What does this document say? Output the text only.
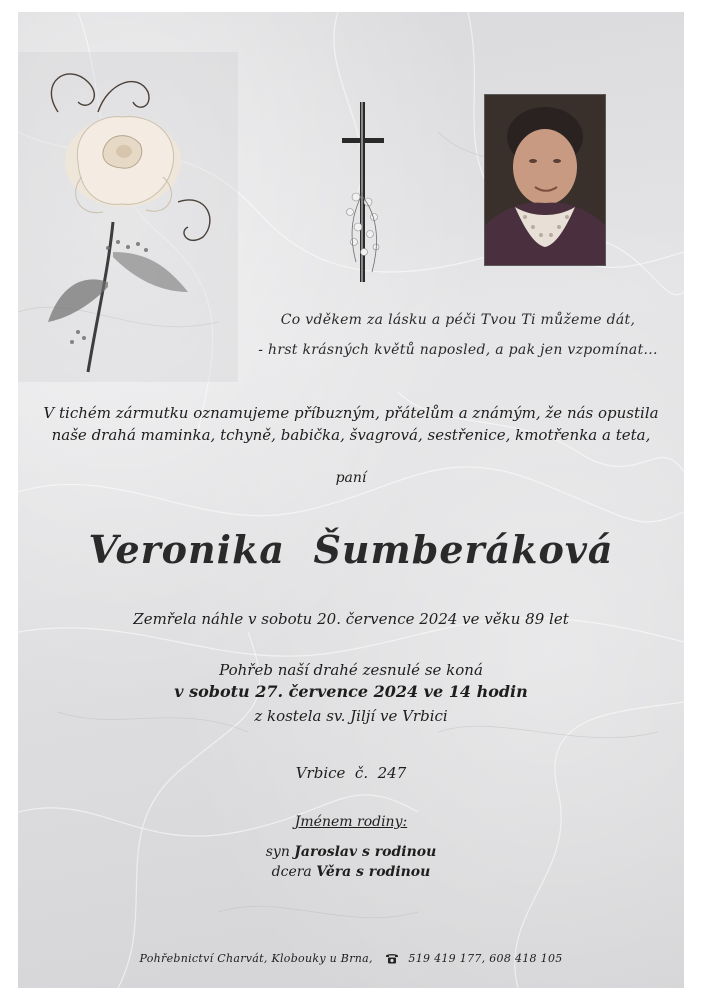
Co vděkem za lásku a péči Tvou Ti můžeme dát,
- hrst krásných květů naposled, a pak jen vzpomínat...
V tichém zármutku oznamujeme příbuzným, přátelům a známým, že nás opustila
naše drahá maminka, tchyně, babička, švagrová, sestřenice, kmotřenka a teta,
paní
Veronika  Šumberáková
Zemřela náhle v sobotu 20. července 2024 ve věku 89 let
Pohřeb naší drahé zesnulé se koná
v sobotu 27. července 2024 ve 14 hodin
z kostela sv. Jiljí ve Vrbici
Vrbice  č.  247
Jménem rodiny:
syn Jaroslav s rodinou
dcera Věra s rodinou
Pohřebnictví Charvát, Klobouky u Brna,	519 419 177, 608 418 105
